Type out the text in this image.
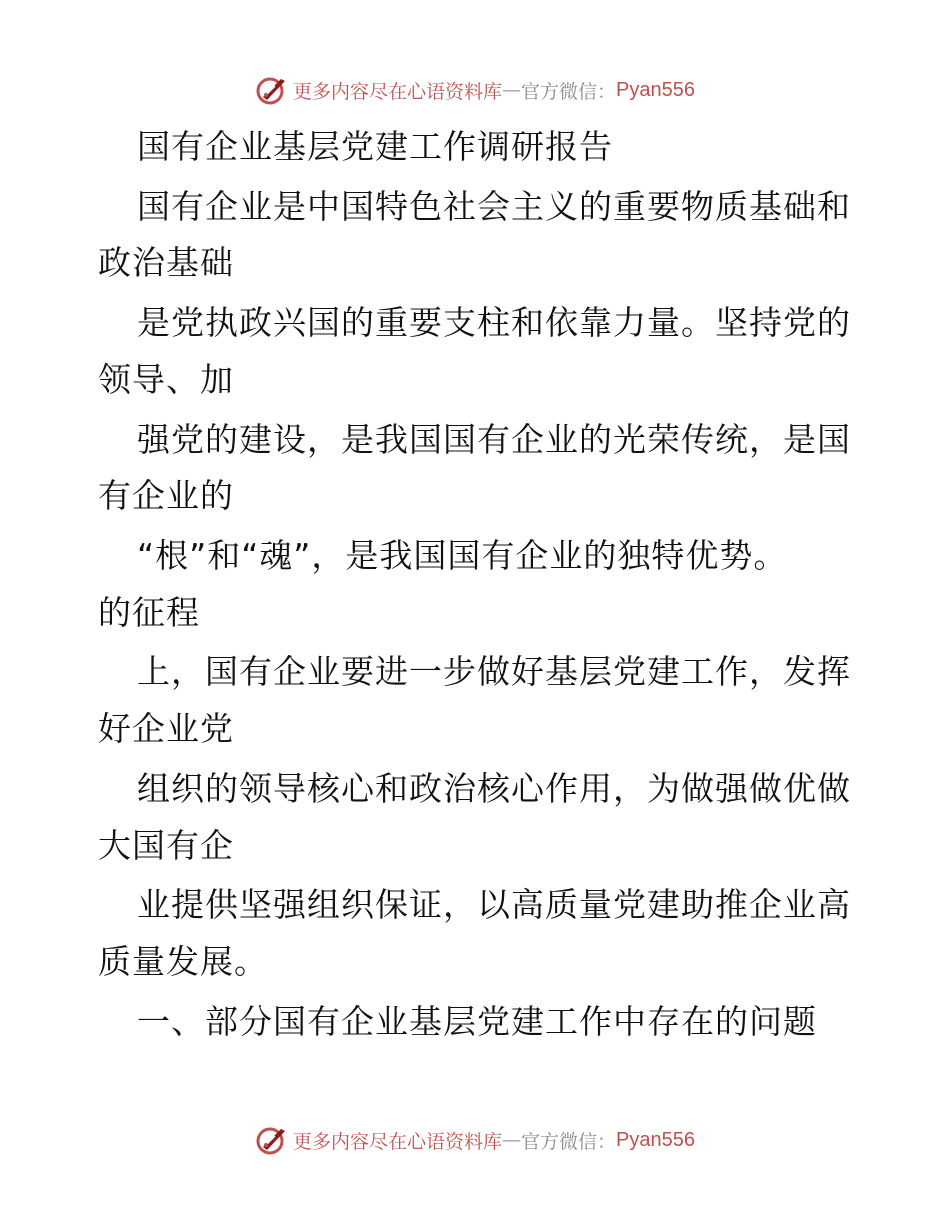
更多内容尽在心语资料库 — 官方微信： Pyan556

国有企业基层党建工作调研报告

国有企业是中国特色社会主义的重要物质基础和

政治基础

是党执政兴国的重要支柱和依靠力量。坚持党的

领导、加

强党的建设，是我国国有企业的光荣传统，是国

有企业的

“根”和“魂”，是我国国有企业的独特优势。

的征程

上，国有企业要进一步做好基层党建工作，发挥

好企业党

组织的领导核心和政治核心作用，为做强做优做

大国有企

业提供坚强组织保证，以高质量党建助推企业高

质量发展。

一、部分国有企业基层党建工作中存在的问题

更多内容尽在心语资料库 — 官方微信： Pyan556
